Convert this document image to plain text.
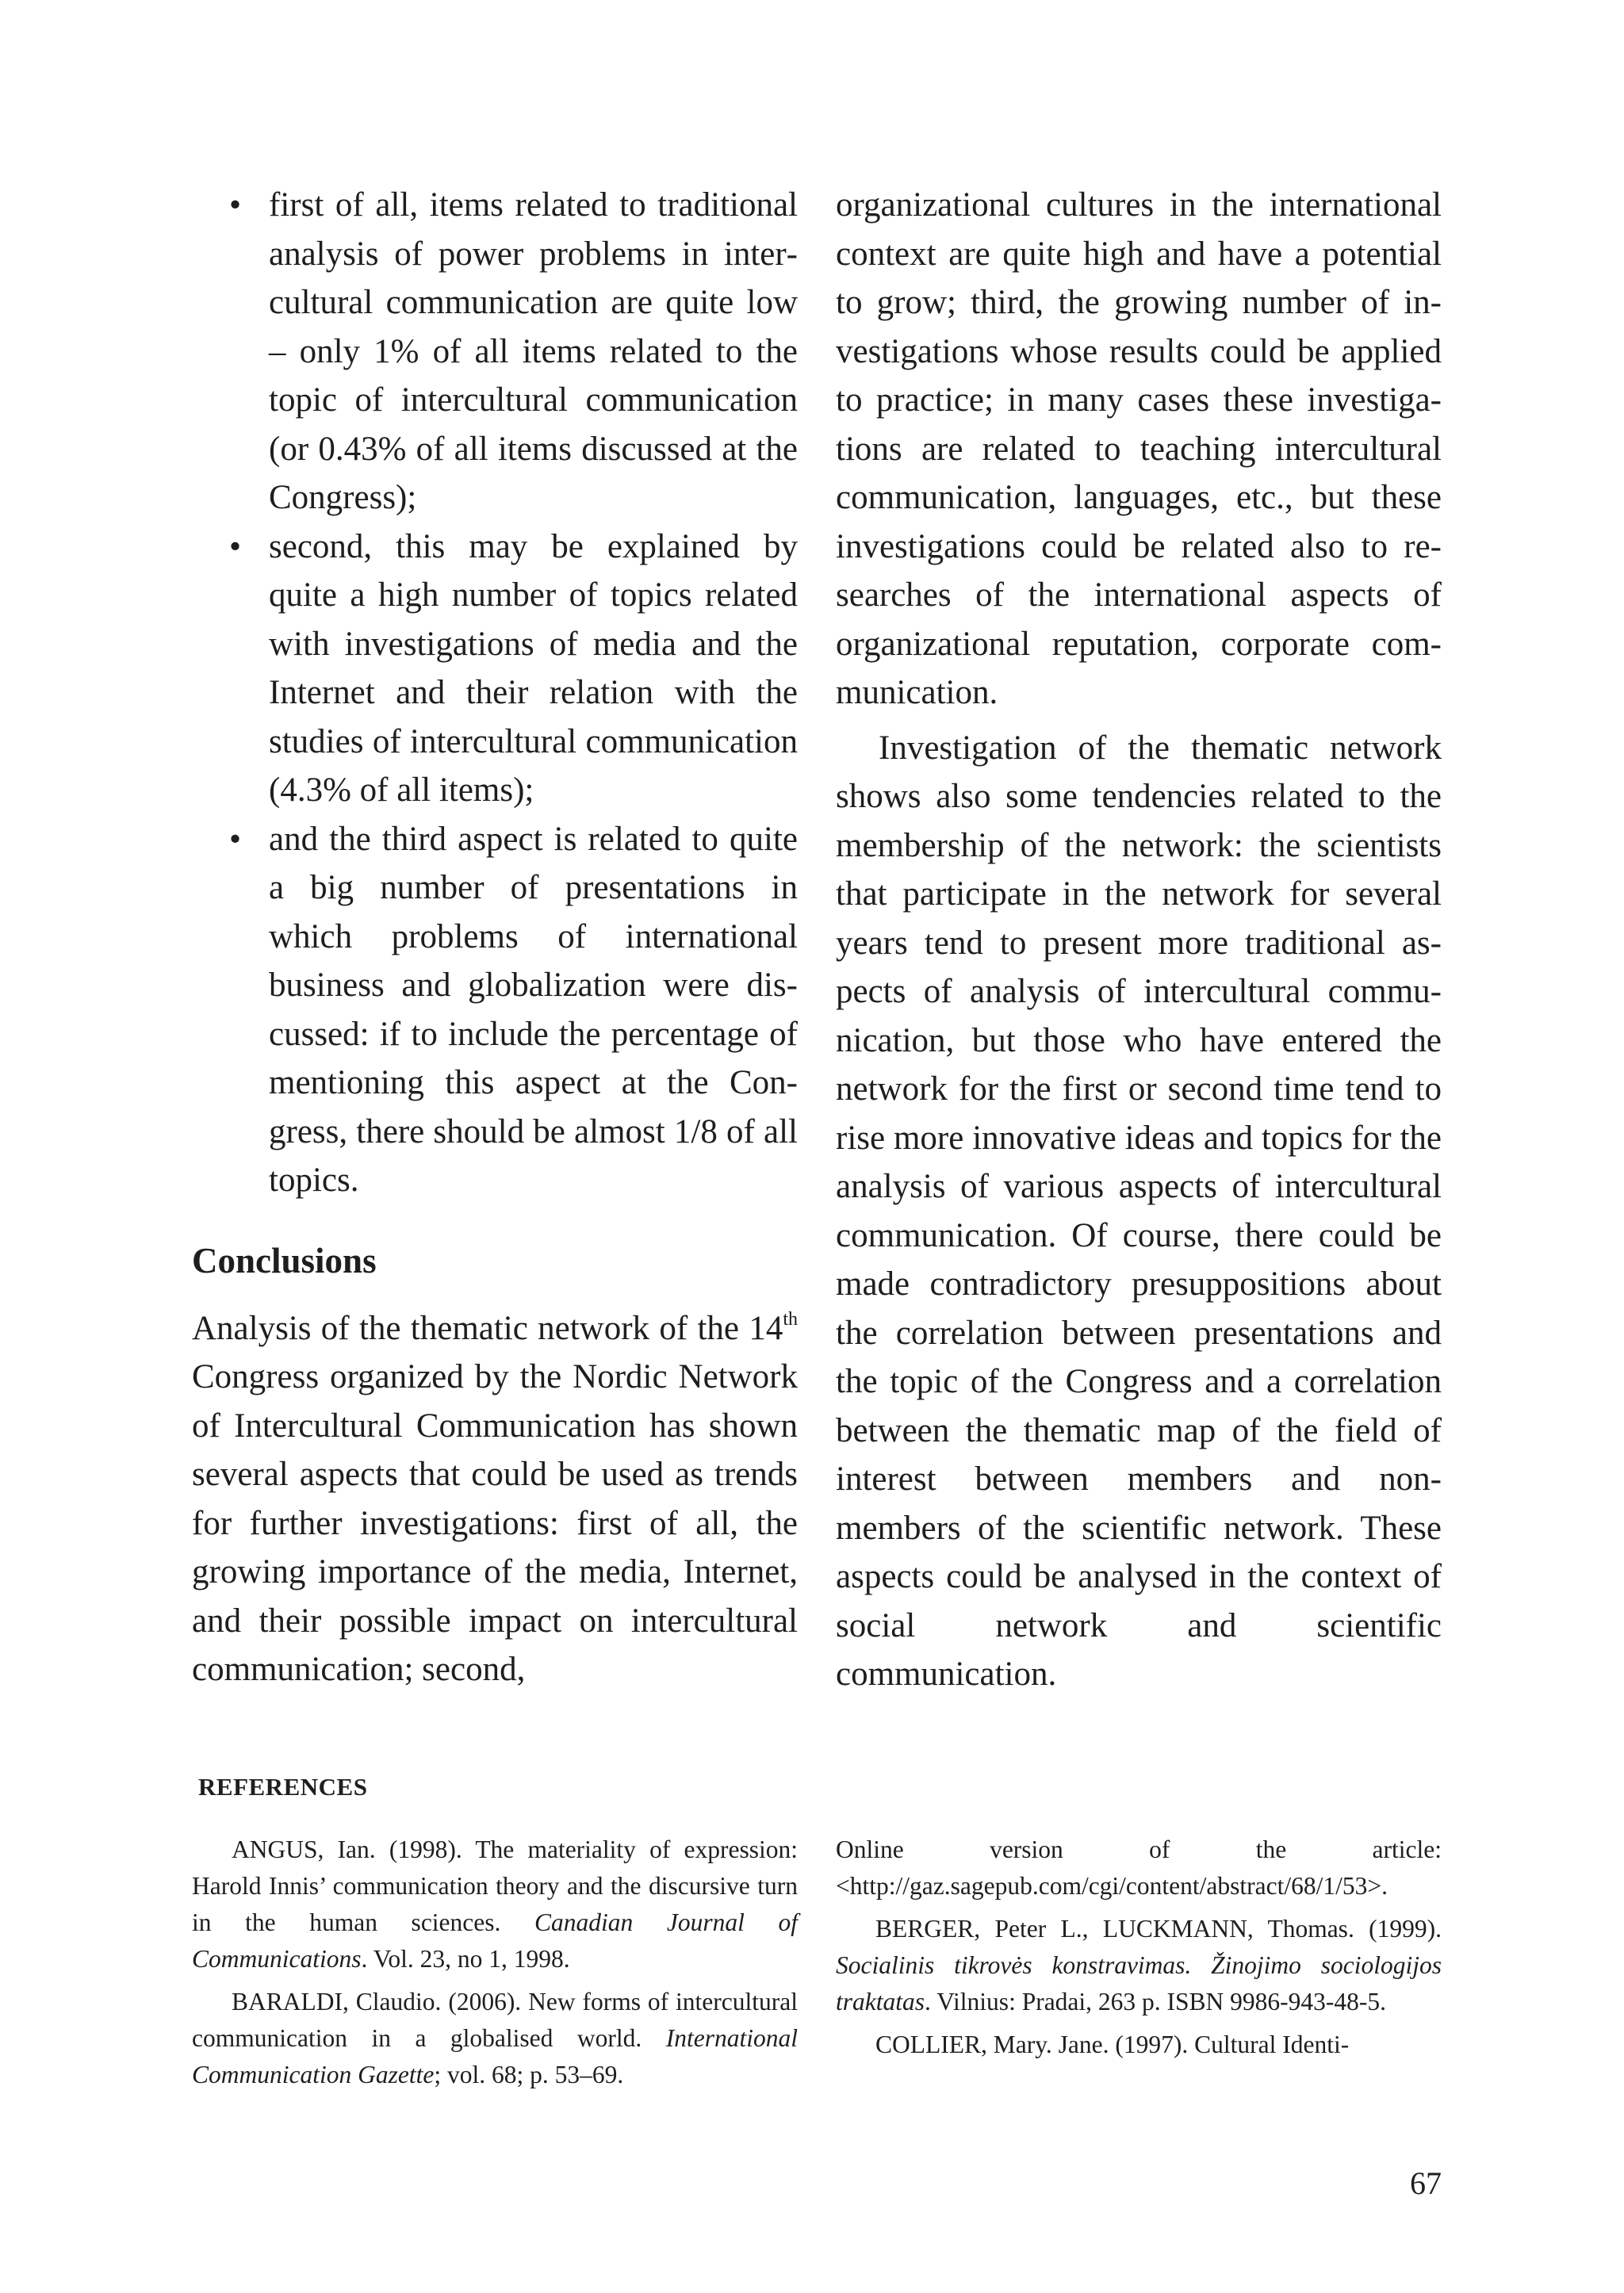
• first of all, items related to traditional analysis of power problems in intercultural communication are quite low – only 1% of all items related to the topic of intercultural communication (or 0.43% of all items discussed at the Congress);
• second, this may be explained by quite a high number of topics related with investigations of media and the Internet and their relation with the studies of intercultural communication (4.3% of all items);
• and the third aspect is related to quite a big number of presentations in which problems of international business and globalization were discussed: if to include the percentage of mentioning this aspect at the Congress, there should be almost 1/8 of all topics.
Conclusions

Analysis of the thematic network of the 14th Congress organized by the Nordic Network of Intercultural Communication has shown several aspects that could be used as trends for further investigations: first of all, the growing importance of the media, Internet, and their possible impact on intercultural communication; second,

organizational cultures in the international context are quite high and have a potential to grow; third, the growing number of investigations whose results could be applied to practice; in many cases these investigations are related to teaching intercultural communication, languages, etc., but these investigations could be related also to researches of the international aspects of organizational reputation, corporate communication.

Investigation of the thematic network shows also some tendencies related to the membership of the network: the scientists that participate in the network for several years tend to present more traditional aspects of analysis of intercultural communication, but those who have entered the network for the first or second time tend to rise more innovative ideas and topics for the analysis of various aspects of intercultural communication. Of course, there could be made contradictory presuppositions about the correlation between presentations and the topic of the Congress and a correlation between the thematic map of the field of interest between members and non-members of the scientific network. These aspects could be analysed in the context of social network and scientific communication.

REFERENCES

ANGUS, Ian. (1998). The materiality of expression: Harold Innis’ communication theory and the discursive turn in the human sciences. Canadian Journal of Communications. Vol. 23, no 1, 1998.

BARALDI, Claudio. (2006). New forms of intercultural communication in a globalised world. International Communication Gazette; vol. 68; p. 53–69.

Online version of the article: <http://gaz.sagepub.com/cgi/content/abstract/68/1/53>.

BERGER, Peter L., LUCKMANN, Thomas. (1999). Socialinis tikrovės konstravimas. Žinojimo sociologijos traktatas. Vilnius: Pradai, 263 p. ISBN 9986-943-48-5.

COLLIER, Mary. Jane. (1997). Cultural Identi-

67
